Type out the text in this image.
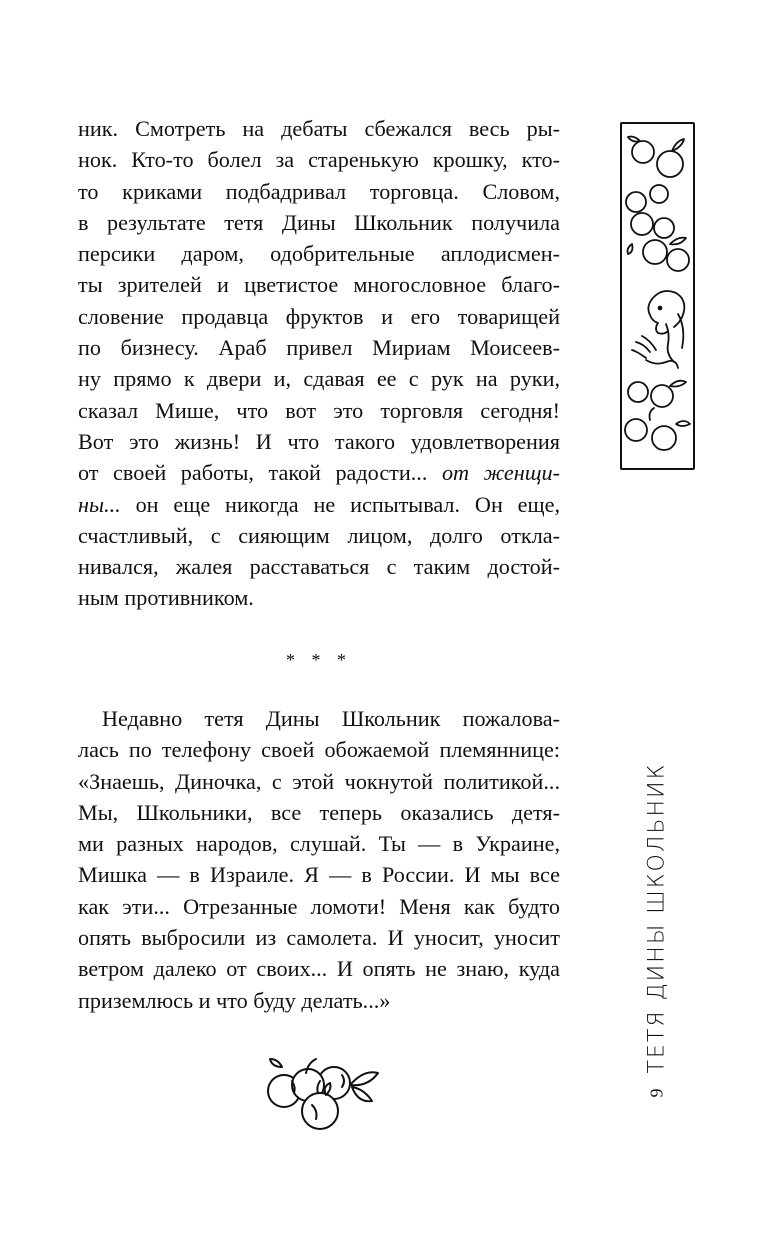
ник. Смотреть на дебаты сбежался весь ры-
нок. Кто-то болел за старенькую крошку, кто-
то криками подбадривал торговца. Словом,
в результате тетя Дины Школьник получила
персики даром, одобрительные аплодисмен-
ты зрителей и цветистое многословное благо-
словение продавца фруктов и его товарищей
по бизнесу. Араб привел Мириам Моисеев-
ну прямо к двери и, сдавая ее с рук на руки,
сказал Мише, что вот это торговля сегодня!
Вот это жизнь! И что такого удовлетворения
от своей работы, такой радости... от женщи-
ны... он еще никогда не испытывал. Он еще,
счастливый, с сияющим лицом, долго откла-
нивался, жалея расставаться с таким достой-
ным противником.
* * *
Недавно тетя Дины Школьник пожалова-
лась по телефону своей обожаемой племяннице:
«Знаешь, Диночка, с этой чокнутой политикой...
Мы, Школьники, все теперь оказались детя-
ми разных народов, слушай. Ты — в Украине,
Мишка — в Израиле. Я — в России. И мы все
как эти... Отрезанные ломоти! Меня как будто
опять выбросили из самолета. И уносит, уносит
ветром далеко от своих... И опять не знаю, куда
приземлюсь и что буду делать...»	ТЕТЯ ДИНЫ ШКОЛЬНИК
9
